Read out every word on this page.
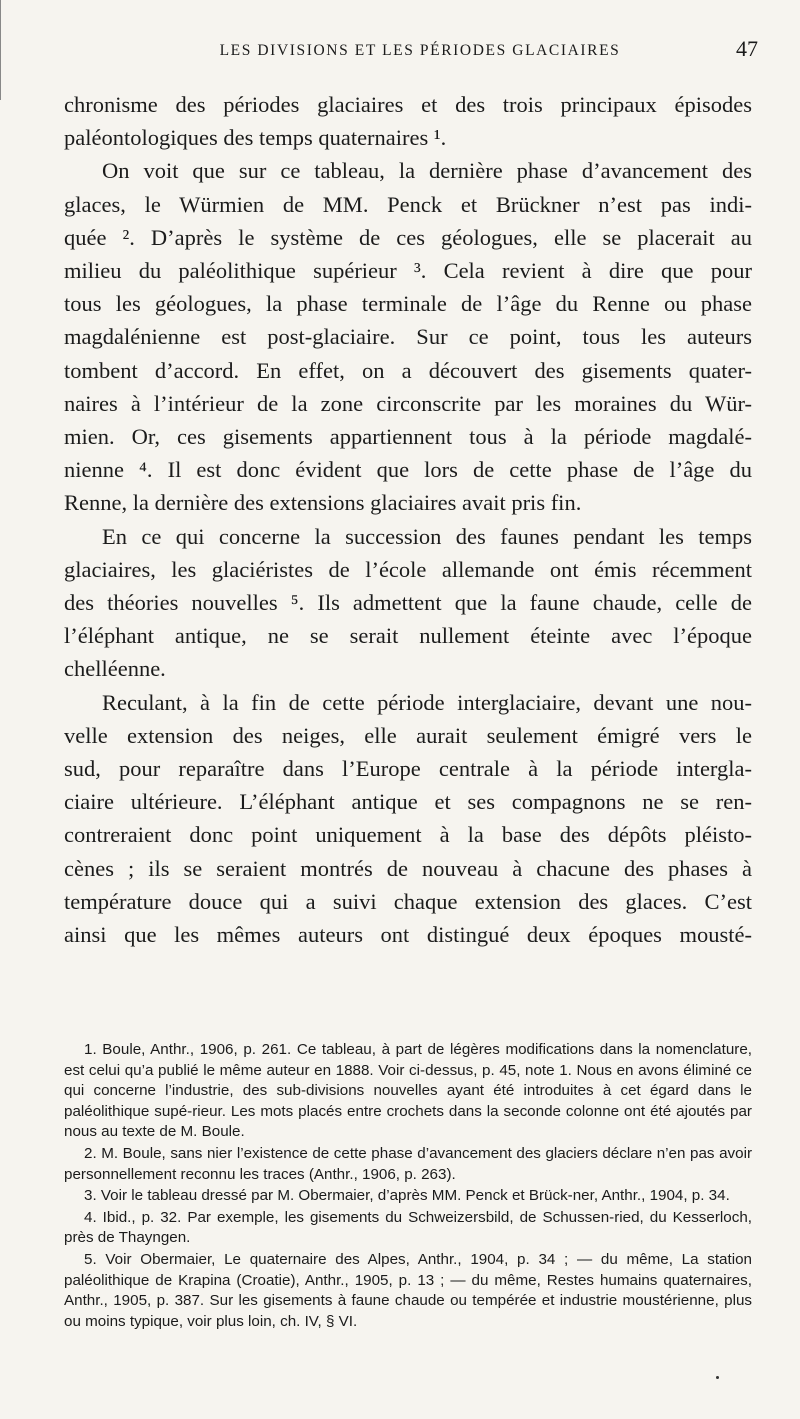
LES DIVISIONS ET LES PÉRIODES GLACIAIRES	47
chronisme des périodes glaciaires et des trois principaux épisodes
paléontologiques des temps quaternaires ¹.
On voit que sur ce tableau, la dernière phase d’avancement des
glaces, le Würmien de MM. Penck et Brückner n’est pas indi-
quée ². D’après le système de ces géologues, elle se placerait au
milieu du paléolithique supérieur ³. Cela revient à dire que pour
tous les géologues, la phase terminale de l’âge du Renne ou phase
magdalénienne est post-glaciaire. Sur ce point, tous les auteurs
tombent d’accord. En effet, on a découvert des gisements quater-
naires à l’intérieur de la zone circonscrite par les moraines du Wür-
mien. Or, ces gisements appartiennent tous à la période magdalé-
nienne ⁴. Il est donc évident que lors de cette phase de l’âge du
Renne, la dernière des extensions glaciaires avait pris fin.
En ce qui concerne la succession des faunes pendant les temps
glaciaires, les glaciéristes de l’école allemande ont émis récemment
des théories nouvelles ⁵. Ils admettent que la faune chaude, celle de
l’éléphant antique, ne se serait nullement éteinte avec l’époque
chelléenne.
Reculant, à la fin de cette période interglaciaire, devant une nou-
velle extension des neiges, elle aurait seulement émigré vers le
sud, pour reparaître dans l’Europe centrale à la période intergla-
ciaire ultérieure. L’éléphant antique et ses compagnons ne se ren-
contreraient donc point uniquement à la base des dépôts pléisto-
cènes ; ils se seraient montrés de nouveau à chacune des phases à
température douce qui a suivi chaque extension des glaces. C’est
ainsi que les mêmes auteurs ont distingué deux époques mousté-

1. Boule, Anthr., 1906, p. 261. Ce tableau, à part de légères modifications dans la nomenclature, est celui qu’a publié le même auteur en 1888. Voir ci-dessus, p. 45, note 1. Nous en avons éliminé ce qui concerne l’industrie, des sub-divisions nouvelles ayant été introduites à cet égard dans le paléolithique supé-rieur. Les mots placés entre crochets dans la seconde colonne ont été ajoutés par nous au texte de M. Boule.

2. M. Boule, sans nier l’existence de cette phase d’avancement des glaciers déclare n’en pas avoir personnellement reconnu les traces (Anthr., 1906, p. 263).

3. Voir le tableau dressé par M. Obermaier, d’après MM. Penck et Brück-ner, Anthr., 1904, p. 34.

4. Ibid., p. 32. Par exemple, les gisements du Schweizersbild, de Schussen-ried, du Kesserloch, près de Thayngen.

5. Voir Obermaier, Le quaternaire des Alpes, Anthr., 1904, p. 34 ; — du même, La station paléolithique de Krapina (Croatie), Anthr., 1905, p. 13 ; — du même, Restes humains quaternaires, Anthr., 1905, p. 387. Sur les gisements à faune chaude ou tempérée et industrie moustérienne, plus ou moins typique, voir plus loin, ch. IV, § VI.
